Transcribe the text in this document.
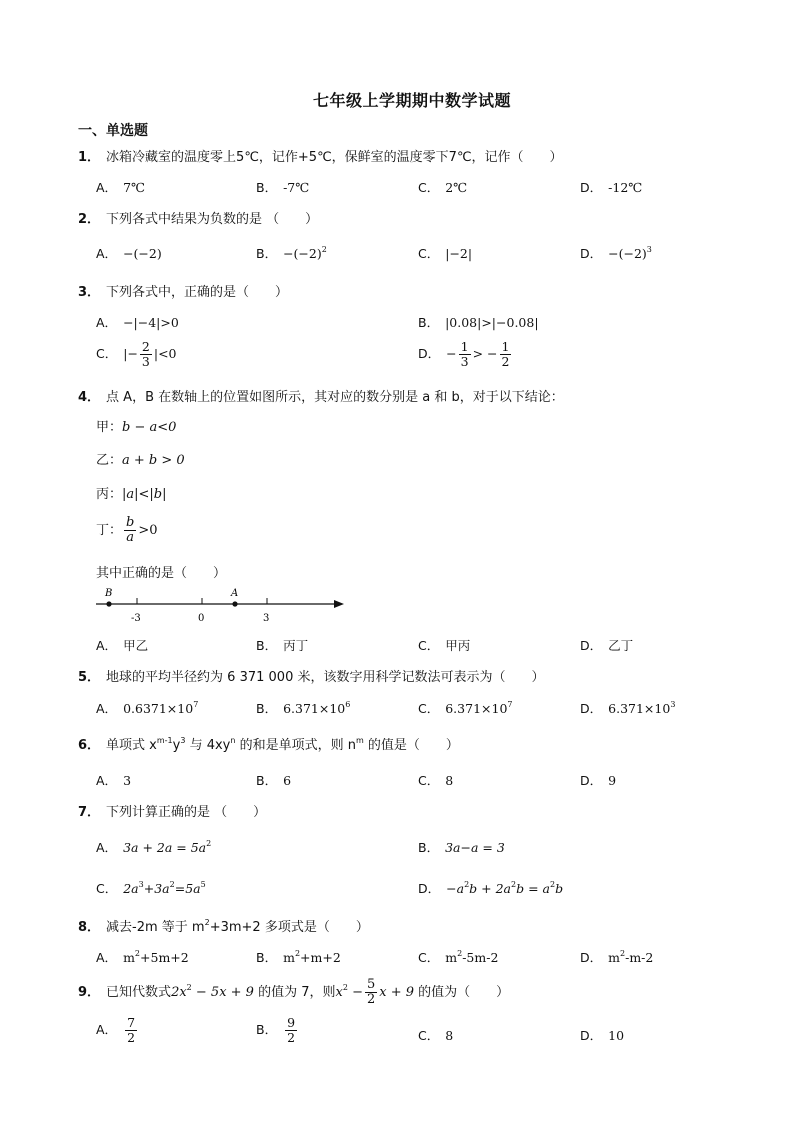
七年级上学期期中数学试题
一、单选题
1． 冰箱冷藏室的温度零上5℃，记作+5℃，保鲜室的温度零下7℃，记作（　　）
A． 7℃	B． -7℃	C． 2℃	D． -12℃
2． 下列各式中结果为负数的是 （　　）
A． −(−2)	B． $-(-2)^2$	C． |−2|	D． $-(-2)^3$
3． 下列各式中，正确的是（　　）
A． −|−4|>0	B． |0.08|>|−0.08|
C． |− $\frac{2}{3} |<0$	D． − $\frac{1}{3}$ > − $\frac{1}{2}$
4． 点 A，B 在数轴上的位置如图所示，其对应的数分别是 a 和 b，对于以下结论：
甲：b − a<0
乙：a + b > 0
丙：|a|<|b|
丁： $\frac{b}{a} >0$
其中正确的是（　　）
B	A
-3	0	3
A． 甲乙	B． 丙丁	C． 甲丙	D． 乙丁
5． 地球的平均半径约为 6 371 000 米，该数字用科学记数法可表示为（　　）
A． $0.6371\times 10^7$	B． $6.371\times 10^6$	C． $6.371\times 10^7$	D． $6.371\times 10^3$
6． 单项式 $x^{m-1}y^3$ 与 $4xy^n$ 的和是单项式，则 $n^m$ 的值是（　　）
A． 3	B． 6	C． 8	D． 9
7． 下列计算正确的是 （　　）
A． $3a + 2a = 5a^2$	B． 3a−a = 3
C． $2a^3+3a^2=5a^5$	D． $-a^2b + 2a^2b = a^2b$
8． 减去-2m 等于 $m^2+3m+2$ 多项式是（　　）
A． $m^2+5m+2$	B． $m^2+m+2$	C． $m^2-5m-2$	D． $m^2-m-2$
9． 已知代数式$2x^2 - 5x + 9$ 的值为 7，则$x^2 - \frac{5}{2}$ x + 9 的值为（　　）
A． $\frac{7}{2}$	B． $\frac{9}{2}$	C． 8	D． 10
